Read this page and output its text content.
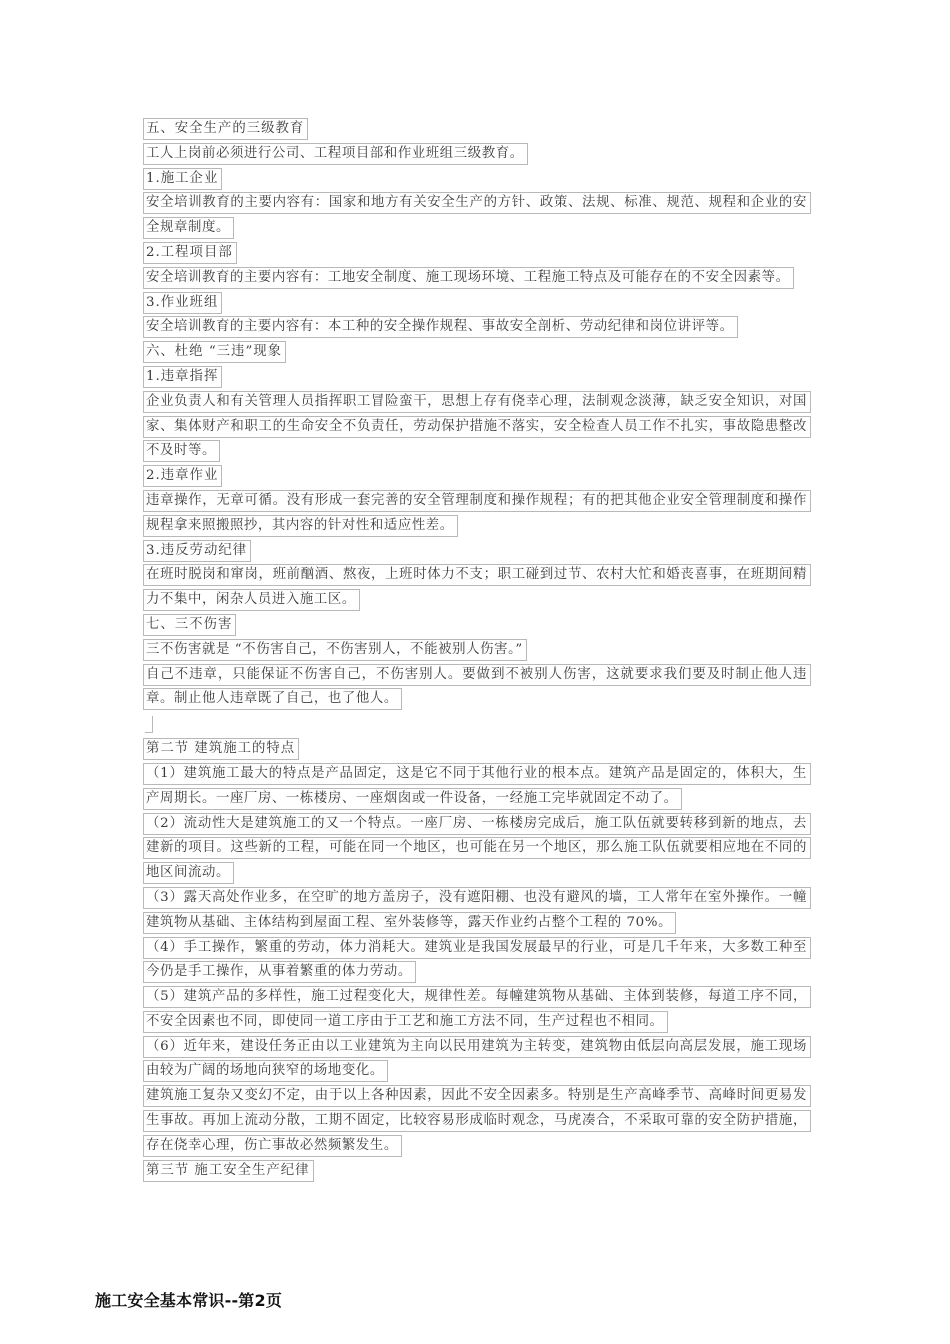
五、安全生产的三级教育

工人上岗前必须进行公司、工程项目部和作业班组三级教育。

1.施工企业

安全培训教育的主要内容有：国家和地方有关安全生产的方针、政策、法规、标准、规范、规程和企业的安全规章制度。

2.工程项目部

安全培训教育的主要内容有：工地安全制度、施工现场环境、工程施工特点及可能存在的不安全因素等。

3.作业班组

安全培训教育的主要内容有：本工种的安全操作规程、事故安全剖析、劳动纪律和岗位讲评等。

六、杜绝 “三违”现象

1.违章指挥

企业负责人和有关管理人员指挥职工冒险蛮干，思想上存有侥幸心理，法制观念淡薄，缺乏安全知识，对国家、集体财产和职工的生命安全不负责任，劳动保护措施不落实，安全检查人员工作不扎实，事故隐患整改不及时等。

2.违章作业

违章操作，无章可循。没有形成一套完善的安全管理制度和操作规程；有的把其他企业安全管理制度和操作规程拿来照搬照抄，其内容的针对性和适应性差。

3.违反劳动纪律

在班时脱岗和窜岗，班前酗酒、熬夜，上班时体力不支；职工碰到过节、农村大忙和婚丧喜事，在班期间精力不集中，闲杂人员进入施工区。

七、三不伤害

三不伤害就是 “不伤害自己，不伤害别人，不能被别人伤害。”

自己不违章，只能保证不伤害自己，不伤害别人。要做到不被别人伤害，这就要求我们要及时制止他人违章。制止他人违章既了自己，也了他人。

第二节 建筑施工的特点

（1）建筑施工最大的特点是产品固定，这是它不同于其他行业的根本点。建筑产品是固定的，体积大，生产周期长。一座厂房、一栋楼房、一座烟囱或一件设备，一经施工完毕就固定不动了。

（2）流动性大是建筑施工的又一个特点。一座厂房、一栋楼房完成后，施工队伍就要转移到新的地点，去建新的项目。这些新的工程，可能在同一个地区，也可能在另一个地区，那么施工队伍就要相应地在不同的地区间流动。

（3）露天高处作业多，在空旷的地方盖房子，没有遮阳棚、也没有避风的墙，工人常年在室外操作。一幢建筑物从基础、主体结构到屋面工程、室外装修等，露天作业约占整个工程的 70%。

（4）手工操作，繁重的劳动，体力消耗大。建筑业是我国发展最早的行业，可是几千年来，大多数工种至今仍是手工操作，从事着繁重的体力劳动。

（5）建筑产品的多样性，施工过程变化大，规律性差。每幢建筑物从基础、主体到装修，每道工序不同，不安全因素也不同，即使同一道工序由于工艺和施工方法不同，生产过程也不相同。

（6）近年来，建设任务正由以工业建筑为主向以民用建筑为主转变，建筑物由低层向高层发展，施工现场由较为广阔的场地向狭窄的场地变化。

建筑施工复杂又变幻不定，由于以上各种因素，因此不安全因素多。特别是生产高峰季节、高峰时间更易发生事故。再加上流动分散，工期不固定，比较容易形成临时观念，马虎凑合，不采取可靠的安全防护措施，存在侥幸心理，伤亡事故必然频繁发生。

第三节 施工安全生产纪律

施工安全基本常识--第2页
